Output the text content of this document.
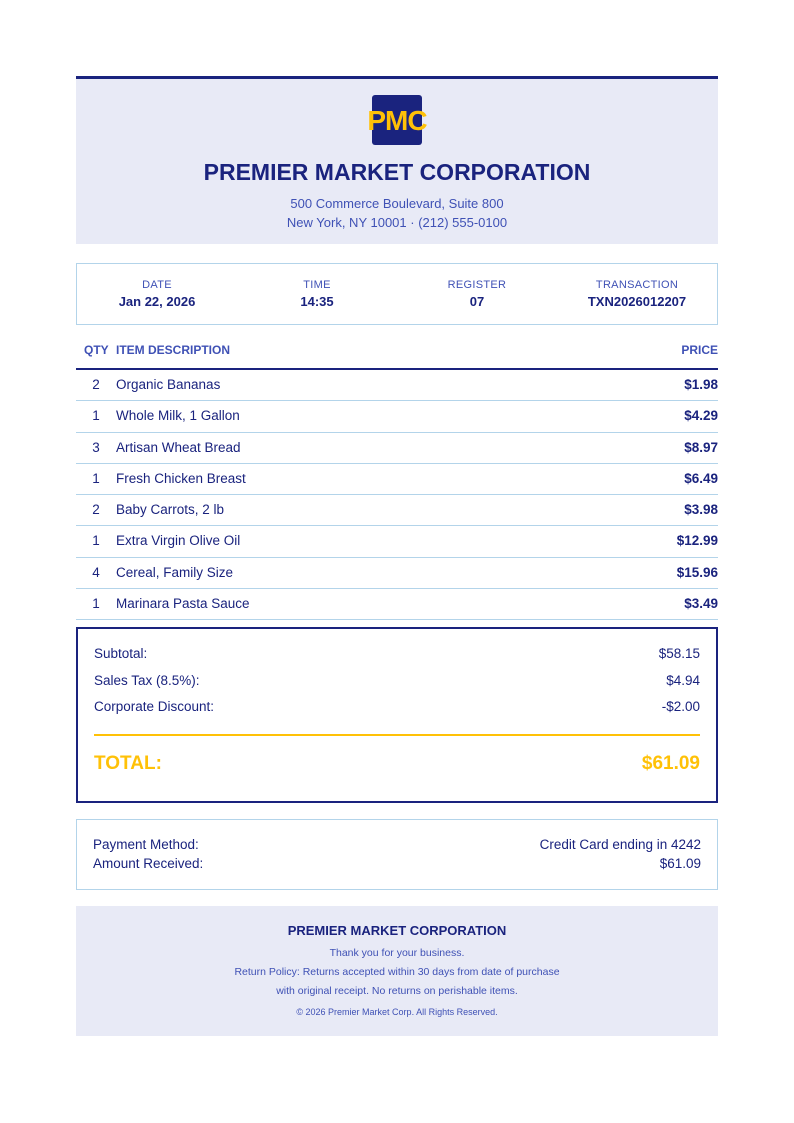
PMC
PREMIER MARKET CORPORATION
500 Commerce Boulevard, Suite 800
New York, NY 10001 · (212) 555-0100
DATE
Jan 22, 2026
TIME
14:35
REGISTER
07
TRANSACTION
TXN2026012207
QTY ITEM DESCRIPTION	PRICE
2	Organic Bananas	$1.98
1	Whole Milk, 1 Gallon	$4.29
3	Artisan Wheat Bread	$8.97
1	Fresh Chicken Breast	$6.49
2	Baby Carrots, 2 lb	$3.98
1	Extra Virgin Olive Oil	$12.99
4	Cereal, Family Size	$15.96
1	Marinara Pasta Sauce	$3.49
Subtotal:	$58.15
Sales Tax (8.5%):	$4.94
Corporate Discount:	-$2.00
TOTAL:	$61.09
Payment Method:	Credit Card ending in 4242
Amount Received:	$61.09
PREMIER MARKET CORPORATION
Thank you for your business.
Return Policy: Returns accepted within 30 days from date of purchase
with original receipt. No returns on perishable items.
© 2026 Premier Market Corp. All Rights Reserved.
